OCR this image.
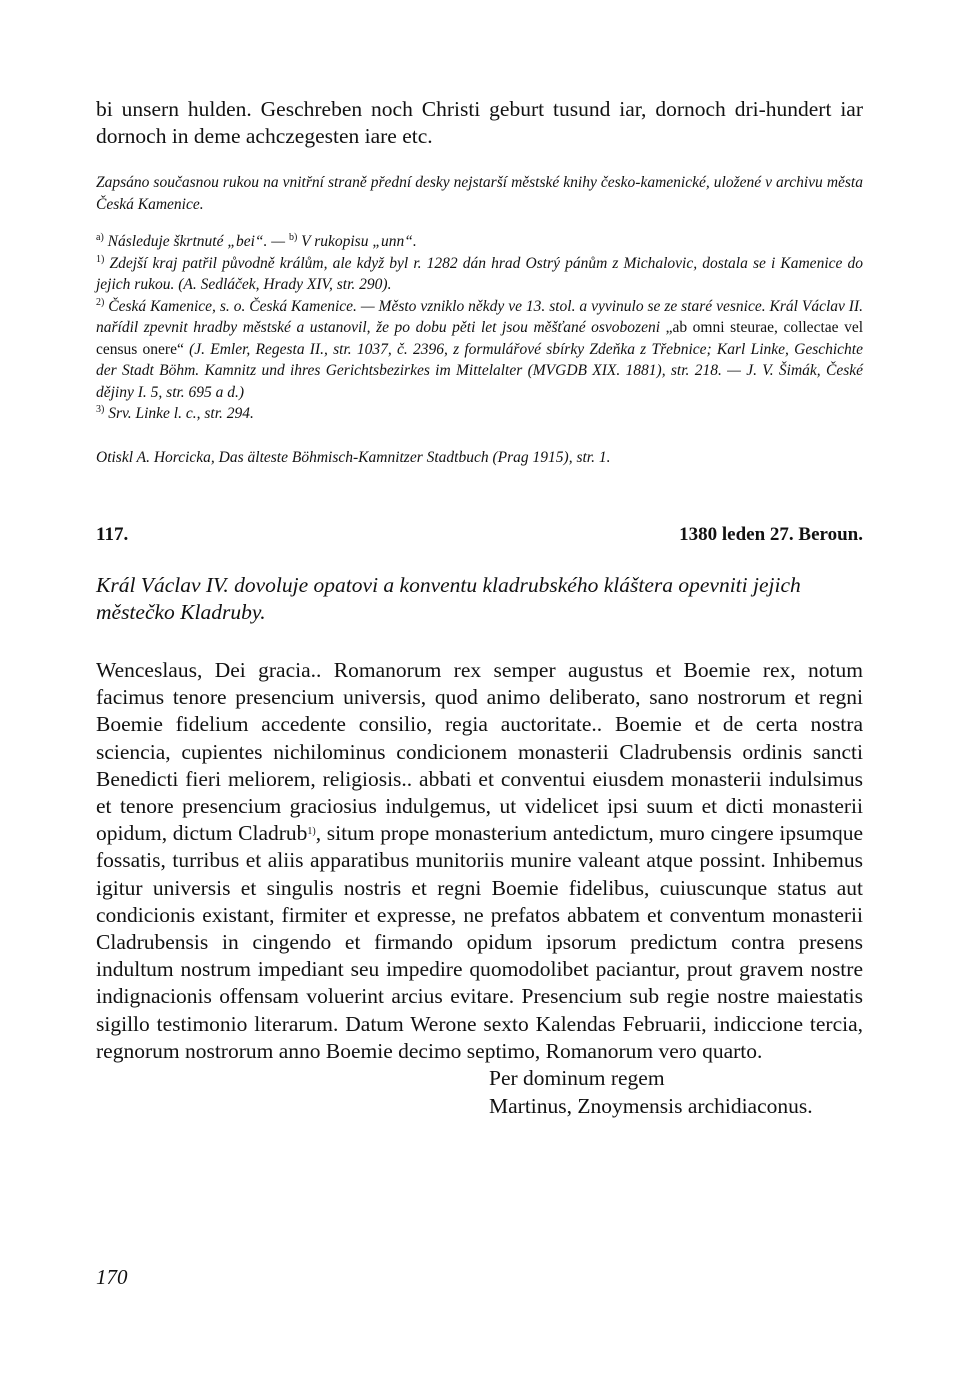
bi unsern hulden. Geschreben noch Christi geburt tusund iar, dornoch dri-hundert iar dornoch in deme achczegesten iare etc.

Zapsáno současnou rukou na vnitřní straně přední desky nejstarší městské knihy česko-kamenické, uložené v archivu města Česká Kamenice.

$^{a)}$ Následuje škrtnuté „bei“. — $^{b)}$ V rukopisu „unn“.

$^{1)}$ Zdejší kraj patřil původně králům, ale když byl r. 1282 dán hrad Ostrý pánům z Michalovic, dostala se i Kamenice do jejich rukou. (A. Sedláček, Hrady XIV, str. 290).

$^{2)}$ Česká Kamenice, s. o. Česká Kamenice. — Město vzniklo někdy ve 13. stol. a vyvinulo se ze staré vesnice. Král Václav II. nařídil zpevnit hradby městské a ustanovil, že po dobu pěti let jsou měšťané osvobozeni „ab omni steurae, collectae vel census onere“ (J. Emler, Regesta II., str. 1037, č. 2396, z formulářové sbírky Zdeňka z Třebnice; Karl Linke, Geschichte der Stadt Böhm. Kamnitz und ihres Gerichtsbezirkes im Mittelalter (MVGDB XIX. 1881), str. 218. — J. V. Šimák, České dějiny I. 5, str. 695 a d.)

$^{3)}$ Srv. Linke l. c., str. 294.

Otiskl A. Horcicka, Das älteste Böhmisch-Kamnitzer Stadtbuch (Prag 1915), str. 1.
117.	1380 leden 27. Beroun.
Král Václav IV. dovoluje opatovi a konventu kladrubského kláštera opevniti jejich městečko Kladruby.
Wenceslaus, Dei gracia.. Romanorum rex semper augustus et Boemie rex, notum facimus tenore presencium universis, quod animo deliberato, sano nostrorum et regni Boemie fidelium accedente consilio, regia auctoritate.. Boemie et de certa nostra sciencia, cupientes nichilominus condicionem monasterii Cladrubensis ordinis sancti Benedicti fieri meliorem, religiosis.. abbati et conventui eiusdem monasterii indulsimus et tenore presencium graciosius indulgemus, ut videlicet ipsi suum et dicti monasterii opidum, dictum Cladrub$^{1)}$, situm prope monasterium antedictum, muro cingere ipsumque fossatis, turribus et aliis apparatibus munitoriis munire valeant atque possint. Inhibemus igitur universis et singulis nostris et regni Boemie fidelibus, cuiuscunque status aut condicionis existant, firmiter et expresse, ne prefatos abbatem et conventum monasterii Cladrubensis in cingendo et firmando opidum ipsorum predictum contra presens indultum nostrum impediant seu impedire quomodolibet paciantur, prout gravem nostre indignacionis offensam voluerint arcius evitare. Presencium sub regie nostre maiestatis sigillo testimonio literarum. Datum Werone sexto Kalendas Februarii, indiccione tercia, regnorum nostrorum anno Boemie decimo septimo, Romanorum vero quarto.
Per dominum regem
Martinus, Znoymensis archidiaconus.
170
